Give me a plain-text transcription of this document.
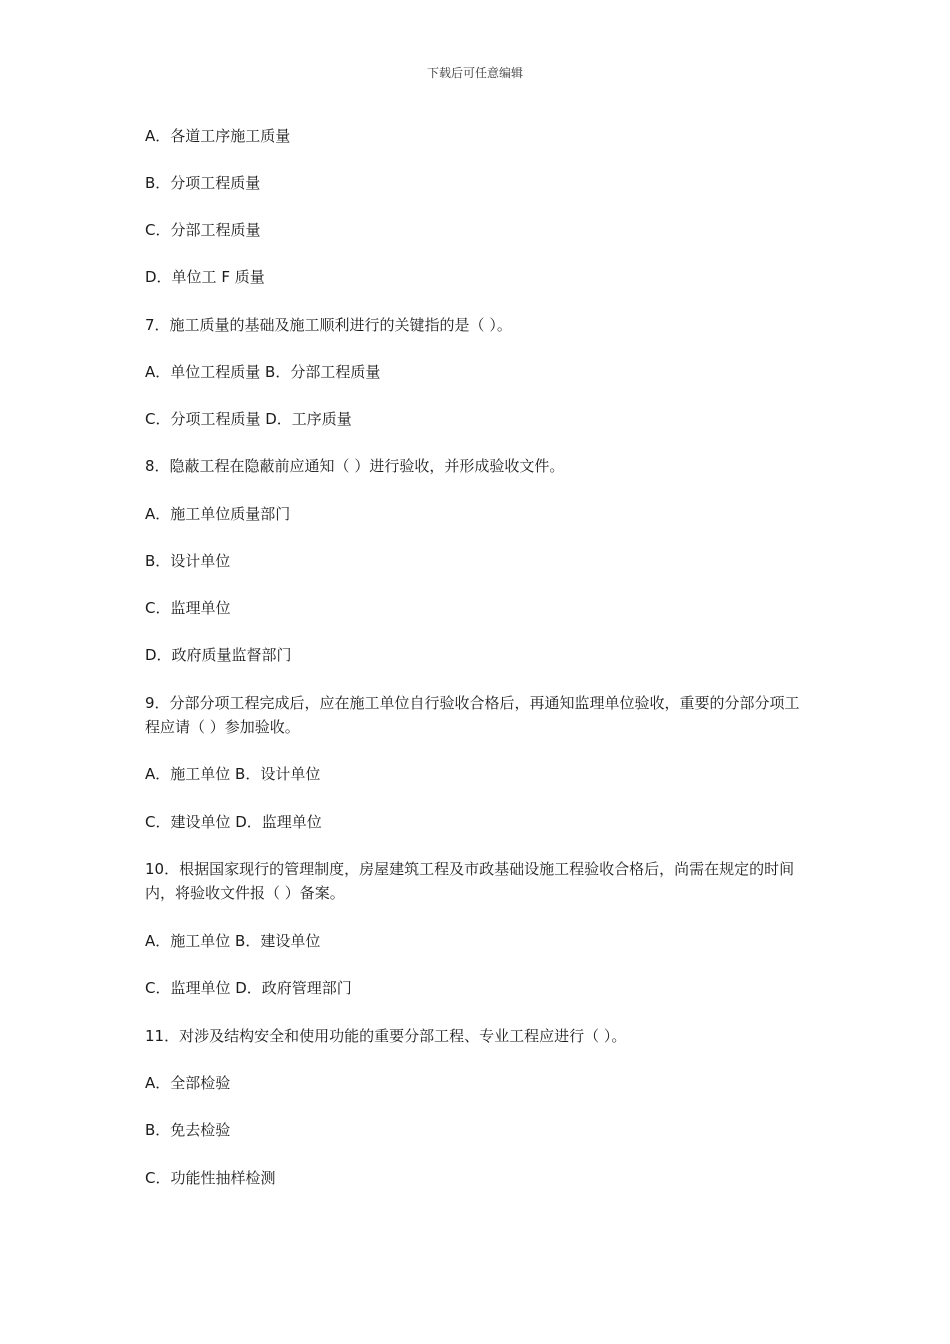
下载后可任意编辑
A．各道工序施工质量
B．分项工程质量
C．分部工程质量
D．单位工 F 质量
7．施工质量的基础及施工顺利进行的关键指的是（ ）。
A．单位工程质量 B．分部工程质量
C．分项工程质量 D．工序质量
8．隐蔽工程在隐蔽前应通知（ ）进行验收，并形成验收文件。
A．施工单位质量部门
B．设计单位
C．监理单位
D．政府质量监督部门
9．分部分项工程完成后，应在施工单位自行验收合格后，再通知监理单位验收，重要的分部分项工程应请（ ）参加验收。
A．施工单位 B．设计单位
C．建设单位 D．监理单位
10．根据国家现行的管理制度，房屋建筑工程及市政基础设施工程验收合格后，尚需在规定的时间内，将验收文件报（ ）备案。
A．施工单位 B．建设单位
C．监理单位 D．政府管理部门
11．对涉及结构安全和使用功能的重要分部工程、专业工程应进行（ ）。
A．全部检验
B．免去检验
C．功能性抽样检测
